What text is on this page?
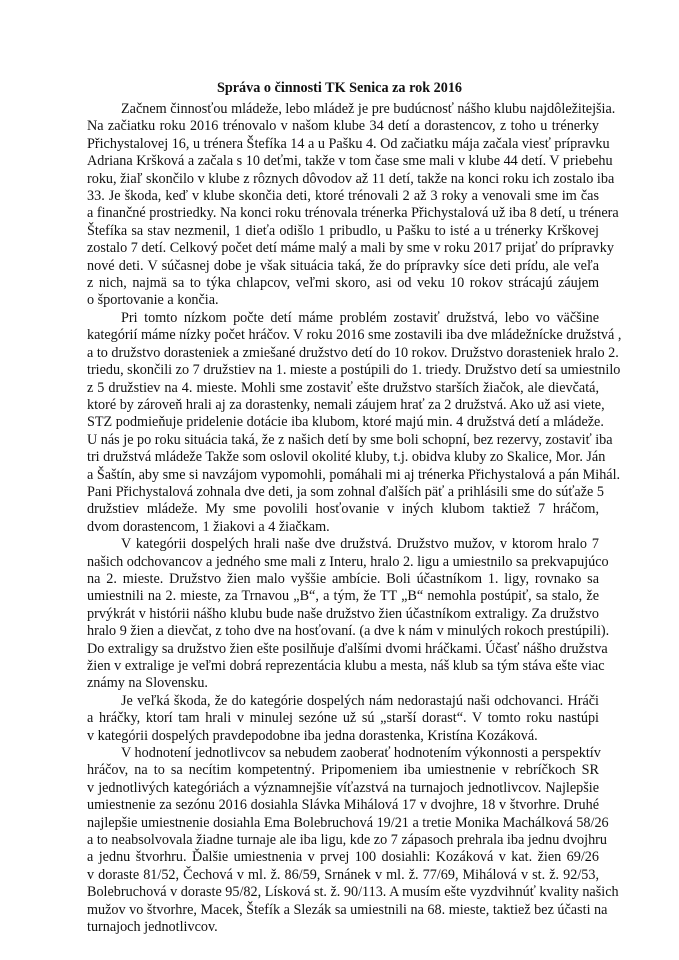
Správa o činnosti TK Senica za rok 2016

Začnem činnosťou mládeže, lebo mládež je pre budúcnosť nášho klubu najdôležitejšia.
Na začiatku roku 2016 trénovalo v našom klube 34 detí a dorastencov, z toho u trénerky
Přichystalovej 16, u trénera Štefíka 14 a u Pašku 4. Od začiatku mája začala viesť prípravku
Adriana Kršková a začala s 10 deťmi, takže v tom čase sme mali v klube 44 detí. V priebehu
roku, žiaľ skončilo v klube z rôznych dôvodov až 11 detí, takže na konci roku ich zostalo iba
33. Je škoda, keď v klube skončia deti, ktoré trénovali 2 až 3 roky a venovali sme im čas
a finančné prostriedky. Na konci roku trénovala trénerka Přichystalová už iba 8 detí, u trénera
Štefíka sa stav nezmenil, 1 dieťa odišlo 1 pribudlo, u Pašku to isté a u trénerky Krškovej
zostalo 7 detí. Celkový počet detí máme malý a mali by sme v roku 2017 prijať do prípravky
nové deti. V súčasnej dobe je však situácia taká, že do prípravky síce deti prídu, ale veľa
z nich, najmä sa to týka chlapcov, veľmi skoro, asi od veku 10 rokov strácajú záujem
o športovanie a končia.

Pri tomto nízkom počte detí máme problém zostaviť družstvá, lebo vo väčšine
kategórií máme nízky počet hráčov. V roku 2016 sme zostavili iba dve mládežnícke družstvá ,
a to družstvo dorasteniek a zmiešané družstvo detí do 10 rokov. Družstvo dorasteniek hralo 2.
triedu, skončili zo 7 družstiev na 1. mieste a postúpili do 1. triedy. Družstvo detí sa umiestnilo
z 5 družstiev na 4. mieste. Mohli sme zostaviť ešte družstvo starších žiačok, ale dievčatá,
ktoré by zároveň hrali aj za dorastenky, nemali záujem hrať za 2 družstvá. Ako už asi viete,
STZ podmieňuje pridelenie dotácie iba klubom, ktoré majú min. 4 družstvá detí a mládeže.
U nás je po roku situácia taká, že z našich detí by sme boli schopní, bez rezervy, zostaviť iba
tri družstvá mládeže Takže som oslovil okolité kluby, t.j. obidva kluby zo Skalice, Mor. Ján
a Šaštín, aby sme si navzájom vypomohli, pomáhali mi aj trénerka Přichystalová a pán Mihál.
Pani Přichystalová zohnala dve deti, ja som zohnal ďalších päť a prihlásili sme do súťaže 5
družstiev mládeže. My sme povolili hosťovanie v iných klubom taktiež 7 hráčom,
dvom dorastencom, 1 žiakovi a 4 žiačkam.

V kategórii dospelých hrali naše dve družstvá. Družstvo mužov, v ktorom hralo 7
našich odchovancov a jedného sme mali z Interu, hralo 2. ligu a umiestnilo sa prekvapujúco
na 2. mieste. Družstvo žien malo vyššie ambície. Boli účastníkom 1. ligy, rovnako sa
umiestnili na 2. mieste, za Trnavou „B“, a tým, že TT „B“ nemohla postúpiť, sa stalo, že
prvýkrát v histórii nášho klubu bude naše družstvo žien účastníkom extraligy. Za družstvo
hralo 9 žien a dievčat, z toho dve na hosťovaní. (a dve k nám v minulých rokoch prestúpili).
Do extraligy sa družstvo žien ešte posilňuje ďalšími dvomi hráčkami. Účasť nášho družstva
žien v extralige je veľmi dobrá reprezentácia klubu a mesta, náš klub sa tým stáva ešte viac
známy na Slovensku.

Je veľká škoda, že do kategórie dospelých nám nedorastajú naši odchovanci. Hráči
a hráčky, ktorí tam hrali v minulej sezóne už sú „starší dorast“. V tomto roku nastúpi
v kategórii dospelých pravdepodobne iba jedna dorastenka, Kristína Kozáková.

V hodnotení jednotlivcov sa nebudem zaoberať hodnotením výkonnosti a perspektív
hráčov, na to sa necítim kompetentný. Pripomeniem iba umiestnenie v rebríčkoch SR
v jednotlivých kategóriách a významnejšie víťazstvá na turnajoch jednotlivcov. Najlepšie
umiestnenie za sezónu 2016 dosiahla Slávka Mihálová 17 v dvojhre, 18 v štvorhre. Druhé
najlepšie umiestnenie dosiahla Ema Bolebruchová 19/21 a tretie Monika Machálková 58/26
a to neabsolvovala žiadne turnaje ale iba ligu, kde zo 7 zápasoch prehrala iba jednu dvojhru
a jednu štvorhru. Ďalšie umiestnenia v prvej 100 dosiahli: Kozáková v kat. žien 69/26
v doraste 81/52, Čechová v ml. ž. 86/59, Srnánek v ml. ž. 77/69, Mihálová v st. ž. 92/53,
Bolebruchová v doraste 95/82, Lísková st. ž. 90/113. A musím ešte vyzdvihnúť kvality našich
mužov vo štvorhre, Macek, Štefík a Slezák sa umiestnili na 68. mieste, taktiež bez účasti na
turnajoch jednotlivcov.
